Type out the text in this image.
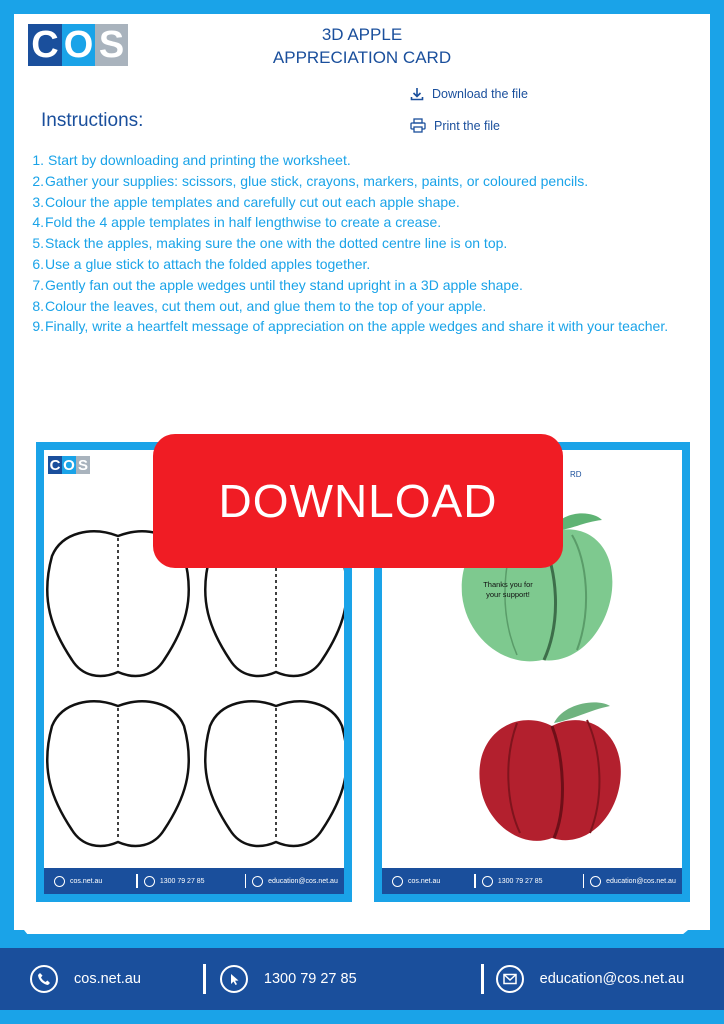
C O S	3D APPLE
APPRECIATION CARD
Download the file
Print the file
Instructions:
1. Start by downloading and printing the worksheet.
2. Gather your supplies: scissors, glue stick, crayons, markers, paints, or coloured pencils.
3. Colour the apple templates and carefully cut out each apple shape.
4. Fold the 4 apple templates in half lengthwise to create a crease.
5. Stack the apples, making sure the one with the dotted centre line is on top.
6. Use a glue stick to attach the folded apples together.
7. Gently fan out the apple wedges until they stand upright in a 3D apple shape.
8. Colour the leaves, cut them out, and glue them to the top of your apple.
9. Finally, write a heartfelt message of appreciation on the apple wedges and share it with your teacher.
C O S
cos.net.au	1300 79 27 85	education@cos.net.au
RD
Thanks you for your support!
cos.net.au	1300 79 27 85	education@cos.net.au
DOWNLOAD
cos.net.au	1300 79 27 85	education@cos.net.au
